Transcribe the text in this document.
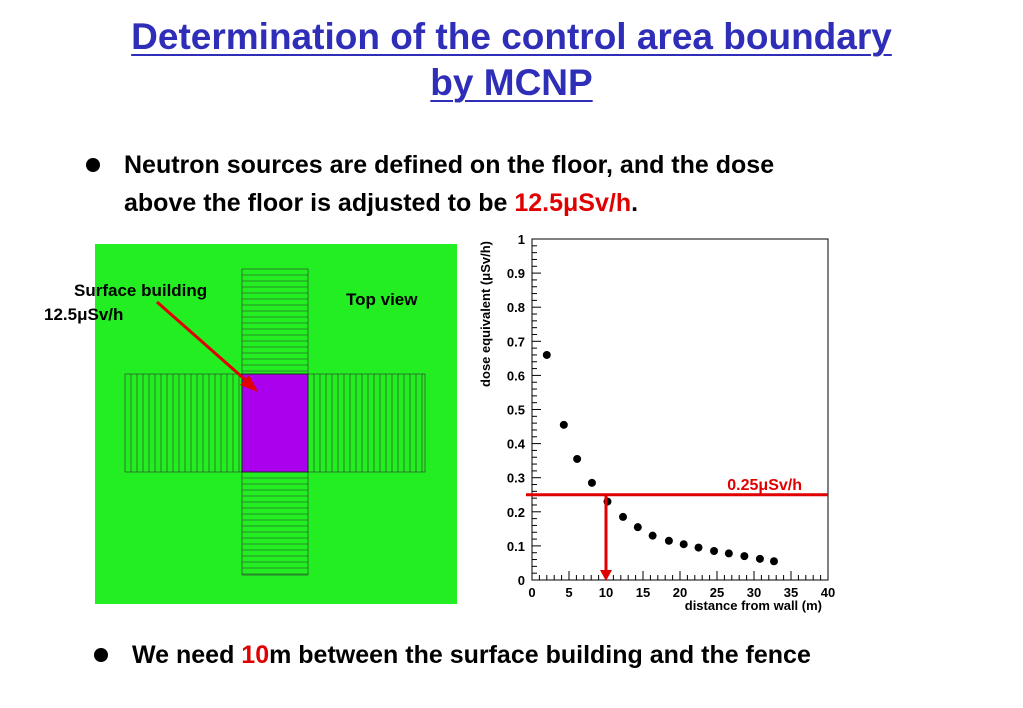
Determination of the control area boundary
by MCNP
Neutron sources are defined on the floor, and the dose
above the floor is adjusted to be 12.5μSv/h.
Surface building
12.5μSv/h
Top view
0 5 10 15 20 25 30 35 40
0
0.1
0.2
0.3
0.4
0.5
0.6
0.7
0.8
0.9
1
distance from wall (m)
dose equivalent (μSv/h)
0.25μSv/h
We need 10m between the surface building and the fence
